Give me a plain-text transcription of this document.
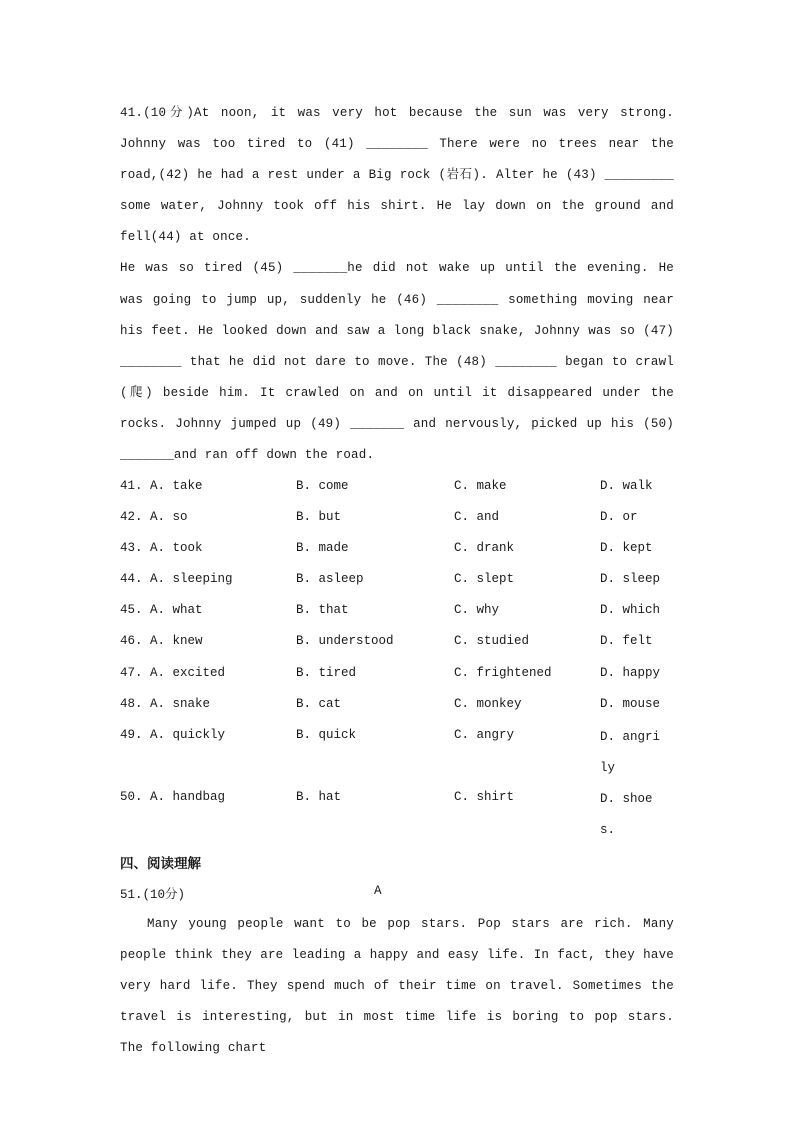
41.(10分)At noon, it was very hot because the sun was very strong. Johnny was too tired to (41) ________ There were no trees near the road,(42) he had a rest under a Big rock (岩石). Alter he (43) _________ some water, Johnny took off his shirt. He lay down on the ground and fell(44) at once.

He was so tired (45) _______he did not wake up until the evening. He was going to jump up, suddenly he (46) ________ something moving near his feet. He looked down and saw a long black snake, Johnny was so (47) ________ that he did not dare to move. The (48) ________ began to crawl (爬) beside him. It crawled on and on until it disappeared under the rocks. Johnny jumped up (49) _______ and nervously, picked up his (50) _______and ran off down the road.

41. A. take	B. come	C. make	D. walk
42. A. so	B. but	C. and	D. or
43. A. took	B. made	C. drank	D. kept
44. A. sleeping	B. asleep	C. slept	D. sleep
45. A. what	B. that	C. why	D. which
46. A. knew	B. understood	C. studied	D. felt
47. A. excited	B. tired	C. frightened	D. happy
48. A. snake	B. cat	C. monkey	D. mouse
49. A. quickly	B. quick	C. angry	D. angrily
50. A. handbag	B. hat	C. shirt	D. shoes.
四、阅读理解
51.(10分)	A

Many young people want to be pop stars. Pop stars are rich. Many people think they are leading a happy and easy life. In fact, they have very hard life. They spend much of their time on travel. Sometimes the travel is interesting, but in most time life is boring to pop stars. The following chart
